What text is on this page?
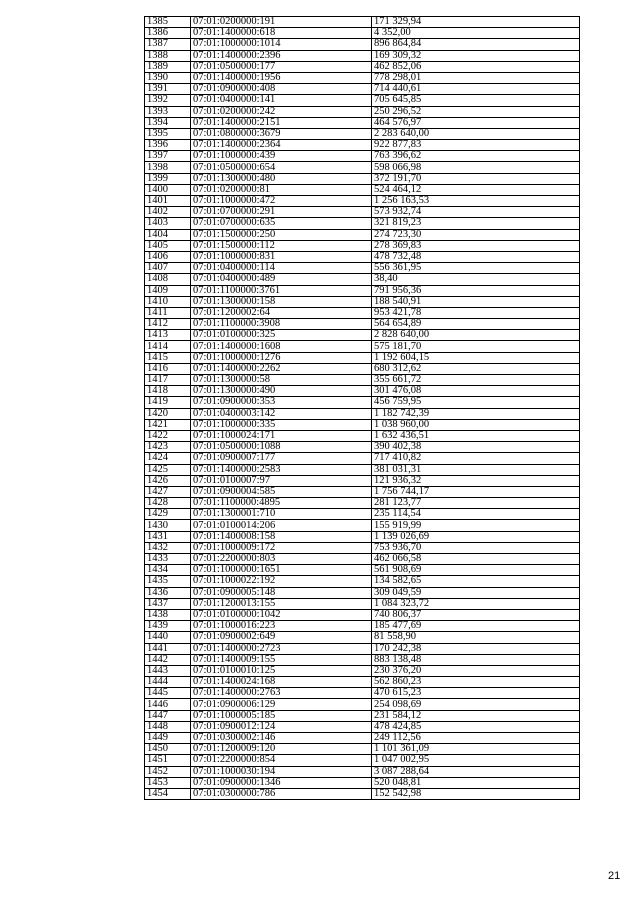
1385	07:01:0200000:191	171 329,94
1386	07:01:1400000:618	4 352,00
1387	07:01:1000000:1014	896 864,84
1388	07:01:1400000:2396	169 309,32
1389	07:01:0500000:177	462 852,06
1390	07:01:1400000:1956	778 298,01
1391	07:01:0900000:408	714 440,61
1392	07:01:0400000:141	705 645,85
1393	07:01:0200000:242	250 296,52
1394	07:01:1400000:2151	464 576,97
1395	07:01:0800000:3679	2 283 640,00
1396	07:01:1400000:2364	922 877,83
1397	07:01:1000000:439	763 396,62
1398	07:01:0500000:654	598 066,98
1399	07:01:1300000:480	372 191,70
1400	07:01:0200000:81	524 464,12
1401	07:01:1000000:472	1 256 163,53
1402	07:01:0700000:291	573 932,74
1403	07:01:0700000:635	321 819,23
1404	07:01:1500000:250	274 723,30
1405	07:01:1500000:112	278 369,83
1406	07:01:1000000:831	478 732,48
1407	07:01:0400000:114	556 361,95
1408	07:01:0400000:489	38,40
1409	07:01:1100000:3761	791 956,36
1410	07:01:1300000:158	188 540,91
1411	07:01:1200002:64	953 421,78
1412	07:01:1100000:3908	564 654,89
1413	07:01:0100000:325	2 828 640,00
1414	07:01:1400000:1608	575 181,70
1415	07:01:1000000:1276	1 192 604,15
1416	07:01:1400000:2262	680 312,62
1417	07:01:1300000:58	355 661,72
1418	07:01:1300000:490	301 476,08
1419	07:01:0900000:353	456 759,95
1420	07:01:0400003:142	1 182 742,39
1421	07:01:1000000:335	1 038 960,00
1422	07:01:1000024:171	1 632 436,51
1423	07:01:0500000:1088	390 402,38
1424	07:01:0900007:177	717 410,82
1425	07:01:1400000:2583	381 031,31
1426	07:01:0100007:97	121 936,32
1427	07:01:0900004:585	1 756 744,17
1428	07:01:1100000:4895	281 123,77
1429	07:01:1300001:710	235 114,54
1430	07:01:0100014:206	155 919,99
1431	07:01:1400008:158	1 139 026,69
1432	07:01:1000009:172	753 936,70
1433	07:01:2200000:803	462 066,58
1434	07:01:1000000:1651	561 908,69
1435	07:01:1000022:192	134 582,65
1436	07:01:0900005:148	309 049,59
1437	07:01:1200013:155	1 084 323,72
1438	07:01:0100000:1042	740 806,37
1439	07:01:1000016:223	185 477,69
1440	07:01:0900002:649	81 558,90
1441	07:01:1400000:2723	170 242,38
1442	07:01:1400009:155	883 138,48
1443	07:01:0100010:125	230 376,20
1444	07:01:1400024:168	562 860,23
1445	07:01:1400000:2763	470 615,23
1446	07:01:0900006:129	254 098,69
1447	07:01:1000005:185	231 584,12
1448	07:01:0900012:124	478 424,85
1449	07:01:0300002:146	249 112,56
1450	07:01:1200009:120	1 101 361,09
1451	07:01:2200000:854	1 047 002,95
1452	07:01:1000030:194	3 087 288,64
1453	07:01:0900000:1346	520 048,81
1454	07:01:0300000:786	152 542,98
21
